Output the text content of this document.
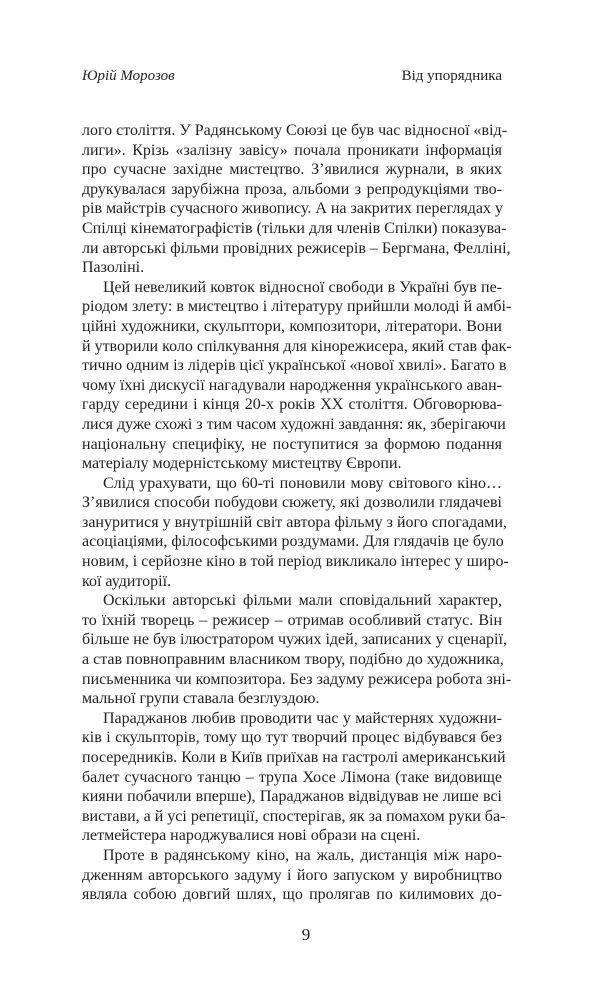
Юрій Морозов	Від упорядника
лого століття. У Радянському Союзі це був час відносної «від-
лиги». Крізь «залізну завісу» почала проникати інформація
про сучасне західне мистецтво. З’явилися журнали, в яких
друкувалася зарубіжна проза, альбоми з репродукціями тво-
рів майстрів сучасного живопису. А на закритих переглядах у
Спілці кінематографістів (тільки для членів Спілки) показува-
ли авторські фільми провідних режисерів – Бергмана, Фелліні,
Пазоліні.
Цей невеликий ковток відносної свободи в Україні був пе-
ріодом злету: в мистецтво і літературу прийшли молоді й амбі-
ційні художники, скульптори, композитори, літератори. Вони
й утворили коло спілкування для кінорежисера, який став фак-
тично одним із лідерів цієї української «нової хвилі». Багато в
чому їхні дискусії нагадували народження українського аван-
гарду середини і кінця 20-х років XX століття. Обговорюва-
лися дуже схожі з тим часом художні завдання: як, зберігаючи
національну специфіку, не поступитися за формою подання
матеріалу модерністському мистецтву Європи.
Слід урахувати, що 60-ті поновили мову світового кіно…
З’явилися способи побудови сюжету, які дозволили глядачеві
зануритися у внутрішній світ автора фільму з його спогадами,
асоціаціями, філософськими роздумами. Для глядачів це було
новим, і серйозне кіно в той період викликало інтерес у широ-
кої аудиторії.
Оскільки авторські фільми мали сповідальний характер,
то їхній творець – режисер – отримав особливий статус. Він
більше не був ілюстратором чужих ідей, записаних у сценарії,
а став повноправним власником твору, подібно до художника,
письменника чи композитора. Без задуму режисера робота зні-
мальної групи ставала безглуздою.
Параджанов любив проводити час у майстернях художни-
ків і скульпторів, тому що тут творчий процес відбувався без
посередників. Коли в Київ приїхав на гастролі американський
балет сучасного танцю – трупа Хосе Лімона (таке видовище
кияни побачили вперше), Параджанов відвідував не лише всі
вистави, а й усі репетиції, спостерігав, як за помахом руки ба-
летмейстера народжувалися нові образи на сцені.
Проте в радянському кіно, на жаль, дистанція між наро-
дженням авторського задуму і його запуском у виробництво
являла собою довгий шлях, що пролягав по килимових до-
9
